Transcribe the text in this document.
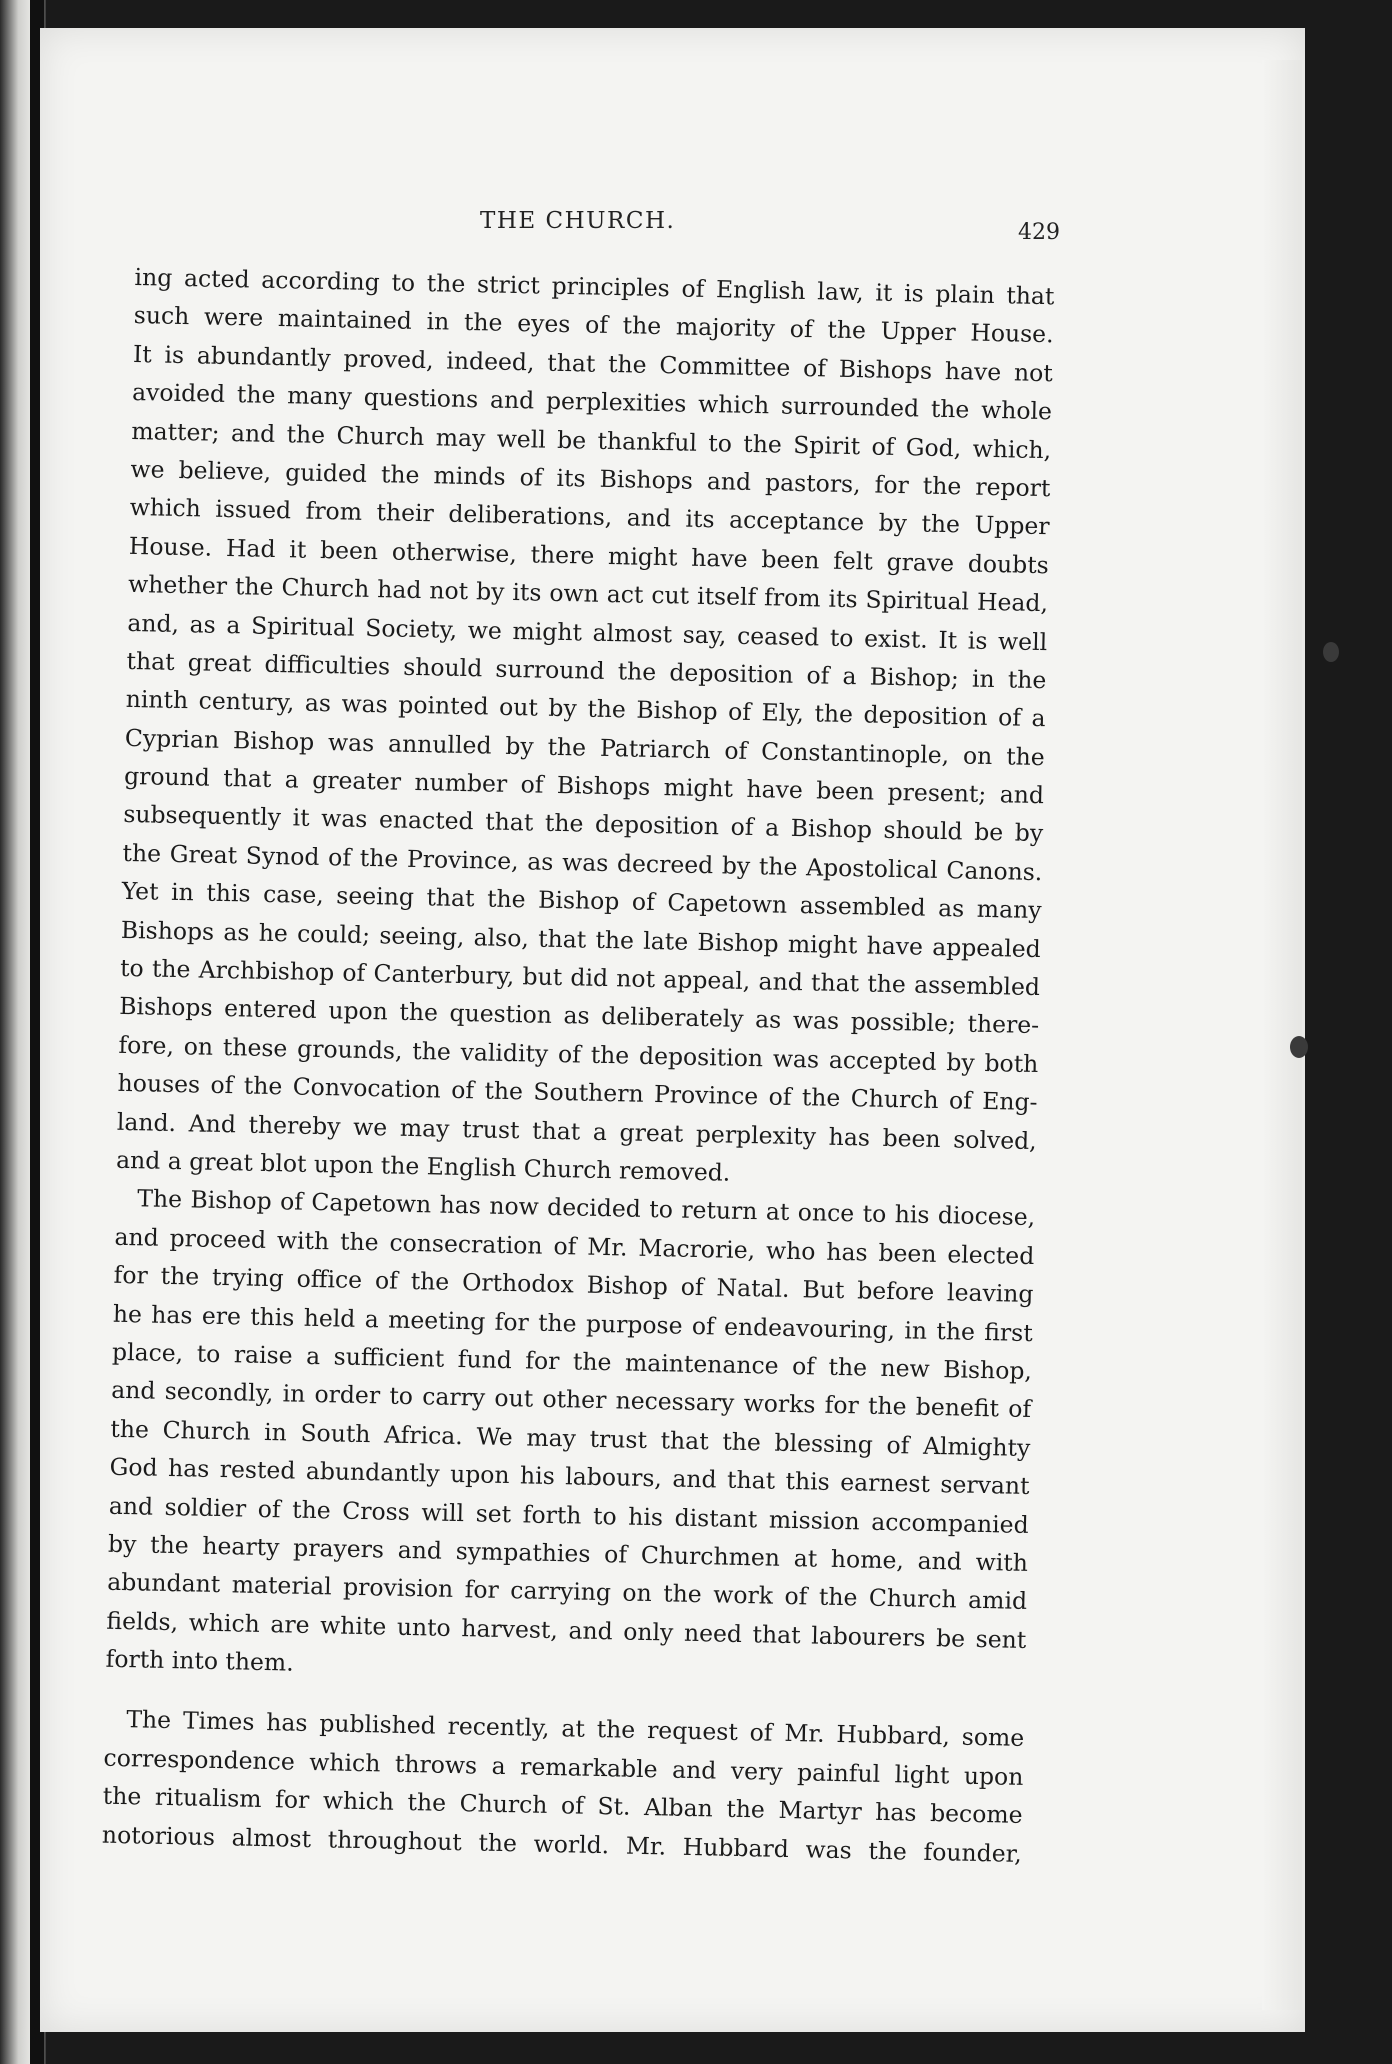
THE CHURCH.	429
ing acted according to the strict principles of English law, it is plain that
such were maintained in the eyes of the majority of the Upper House.
It is abundantly proved, indeed, that the Committee of Bishops have not
avoided the many questions and perplexities which surrounded the whole
matter; and the Church may well be thankful to the Spirit of God, which,
we believe, guided the minds of its Bishops and pastors, for the report
which issued from their deliberations, and its acceptance by the Upper
House. Had it been otherwise, there might have been felt grave doubts
whether the Church had not by its own act cut itself from its Spiritual Head,
and, as a Spiritual Society, we might almost say, ceased to exist. It is well
that great difficulties should surround the deposition of a Bishop; in the
ninth century, as was pointed out by the Bishop of Ely, the deposition of a
Cyprian Bishop was annulled by the Patriarch of Constantinople, on the
ground that a greater number of Bishops might have been present; and
subsequently it was enacted that the deposition of a Bishop should be by
the Great Synod of the Province, as was decreed by the Apostolical Canons.
Yet in this case, seeing that the Bishop of Capetown assembled as many
Bishops as he could; seeing, also, that the late Bishop might have appealed
to the Archbishop of Canterbury, but did not appeal, and that the assembled
Bishops entered upon the question as deliberately as was possible; there-
fore, on these grounds, the validity of the deposition was accepted by both
houses of the Convocation of the Southern Province of the Church of Eng-
land. And thereby we may trust that a great perplexity has been solved,
and a great blot upon the English Church removed.
The Bishop of Capetown has now decided to return at once to his diocese,
and proceed with the consecration of Mr. Macrorie, who has been elected
for the trying office of the Orthodox Bishop of Natal. But before leaving
he has ere this held a meeting for the purpose of endeavouring, in the first
place, to raise a sufficient fund for the maintenance of the new Bishop,
and secondly, in order to carry out other necessary works for the benefit of
the Church in South Africa. We may trust that the blessing of Almighty
God has rested abundantly upon his labours, and that this earnest servant
and soldier of the Cross will set forth to his distant mission accompanied
by the hearty prayers and sympathies of Churchmen at home, and with
abundant material provision for carrying on the work of the Church amid
fields, which are white unto harvest, and only need that labourers be sent
forth into them.
The Times has published recently, at the request of Mr. Hubbard, some
correspondence which throws a remarkable and very painful light upon
the ritualism for which the Church of St. Alban the Martyr has become
notorious almost throughout the world. Mr. Hubbard was the founder,
